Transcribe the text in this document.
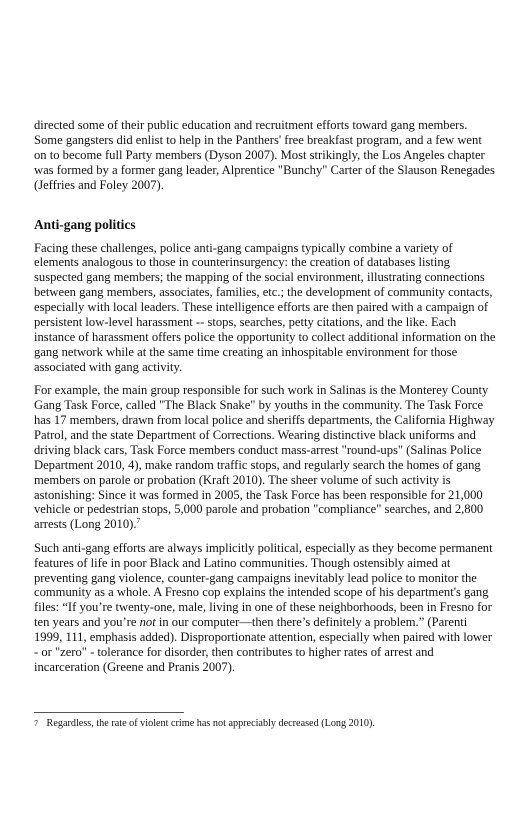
directed some of their public education and recruitment efforts toward gang members. Some gangsters did enlist to help in the Panthers' free breakfast program, and a few went on to become full Party members (Dyson 2007). Most strikingly, the Los Angeles chapter was formed by a former gang leader, Alprentice "Bunchy" Carter of the Slauson Renegades (Jeffries and Foley 2007).

Anti-gang politics

Facing these challenges, police anti-gang campaigns typically combine a variety of elements analogous to those in counterinsurgency: the creation of databases listing suspected gang members; the mapping of the social environment, illustrating connections between gang members, associates, families, etc.; the development of community contacts, especially with local leaders. These intelligence efforts are then paired with a campaign of persistent low-level harassment -- stops, searches, petty citations, and the like. Each instance of harassment offers police the opportunity to collect additional information on the gang network while at the same time creating an inhospitable environment for those associated with gang activity.

For example, the main group responsible for such work in Salinas is the Monterey County Gang Task Force, called "The Black Snake" by youths in the community. The Task Force has 17 members, drawn from local police and sheriffs departments, the California Highway Patrol, and the state Department of Corrections. Wearing distinctive black uniforms and driving black cars, Task Force members conduct mass-arrest "round-ups" (Salinas Police Department 2010, 4), make random traffic stops, and regularly search the homes of gang members on parole or probation (Kraft 2010). The sheer volume of such activity is astonishing: Since it was formed in 2005, the Task Force has been responsible for 21,000 vehicle or pedestrian stops, 5,000 parole and probation "compliance" searches, and 2,800 arrests (Long 2010).$^7$

Such anti-gang efforts are always implicitly political, especially as they become permanent features of life in poor Black and Latino communities. Though ostensibly aimed at preventing gang violence, counter-gang campaigns inevitably lead police to monitor the community as a whole. A Fresno cop explains the intended scope of his department's gang files: “If you’re twenty-one, male, living in one of these neighborhoods, been in Fresno for ten years and you’re not in our computer—then there’s definitely a problem.” (Parenti 1999, 111, emphasis added). Disproportionate attention, especially when paired with lower - or "zero" - tolerance for disorder, then contributes to higher rates of arrest and incarceration (Greene and Pranis 2007).

7 Regardless, the rate of violent crime has not appreciably decreased (Long 2010).
